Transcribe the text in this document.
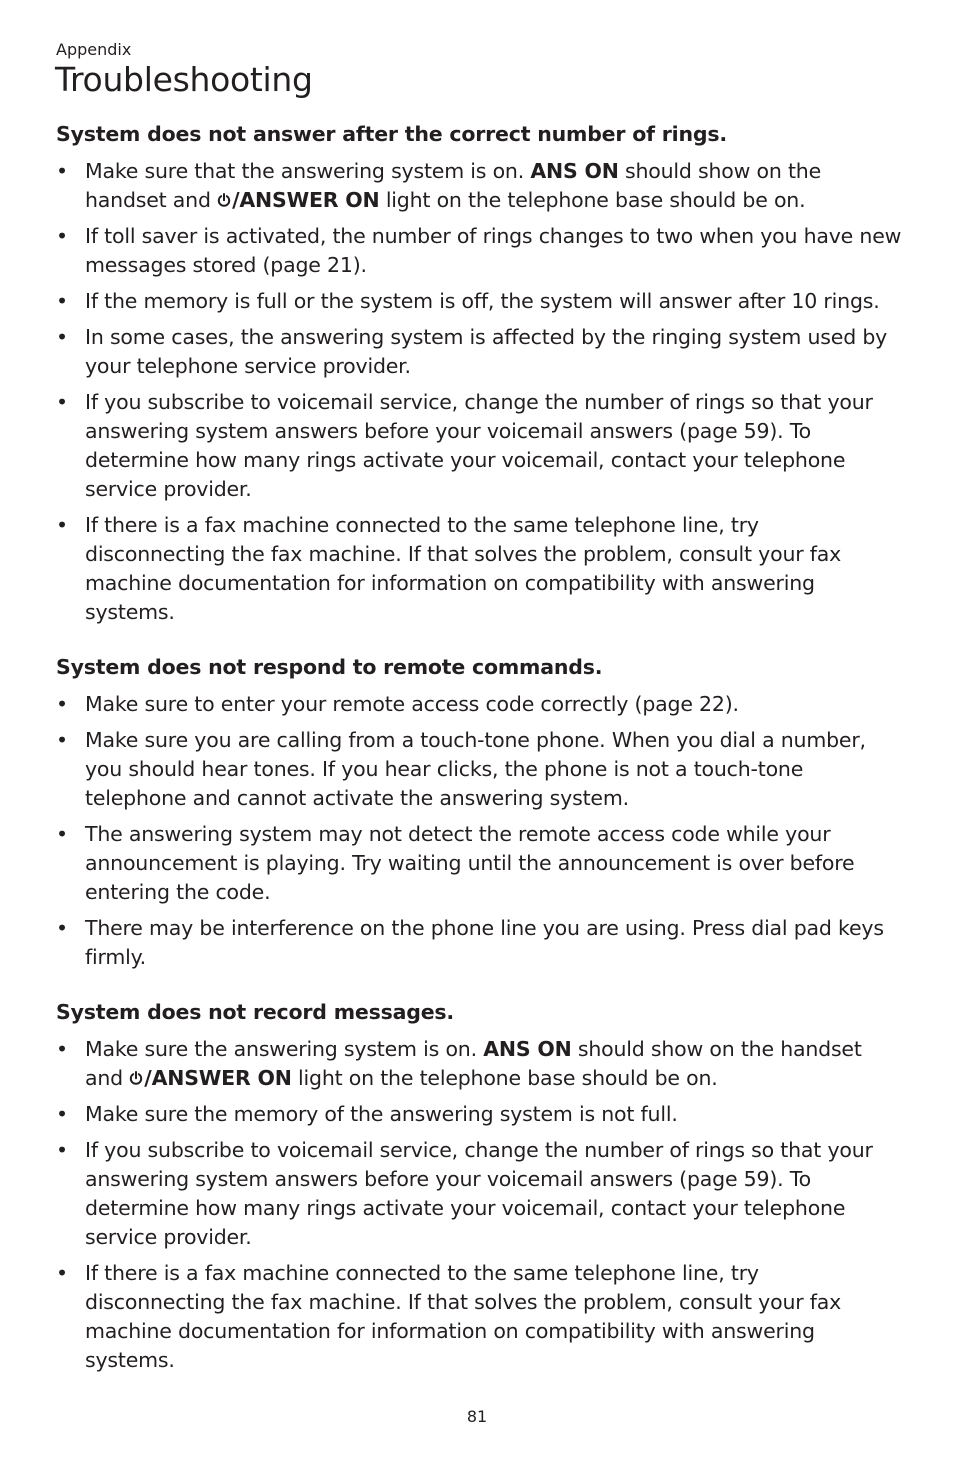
Appendix
Troubleshooting
System does not answer after the correct number of rings.
• Make sure that the answering system is on. ANS ON should show on the handset and
/ANSWER ON light on the telephone base should be on.
• If toll saver is activated, the number of rings changes to two when you have new messages stored (page 21).
• If the memory is full or the system is off, the system will answer after 10 rings.
• In some cases, the answering system is affected by the ringing system used by your telephone service provider.
• If you subscribe to voicemail service, change the number of rings so that your answering system answers before your voicemail answers (page 59). To determine how many rings activate your voicemail, contact your telephone service provider.
• If there is a fax machine connected to the same telephone line, try disconnecting the fax machine. If that solves the problem, consult your fax machine documentation for information on compatibility with answering systems.
System does not respond to remote commands.
• Make sure to enter your remote access code correctly (page 22).
• Make sure you are calling from a touch-tone phone. When you dial a number, you should hear tones. If you hear clicks, the phone is not a touch-tone telephone and cannot activate the answering system.
• The answering system may not detect the remote access code while your announcement is playing. Try waiting until the announcement is over before entering the code.
• There may be interference on the phone line you are using. Press dial pad keys firmly.
System does not record messages.
• Make sure the answering system is on. ANS ON should show on the handset and
/ANSWER ON light on the telephone base should be on.
• Make sure the memory of the answering system is not full.
• If you subscribe to voicemail service, change the number of rings so that your answering system answers before your voicemail answers (page 59). To determine how many rings activate your voicemail, contact your telephone service provider.
• If there is a fax machine connected to the same telephone line, try disconnecting the fax machine. If that solves the problem, consult your fax machine documentation for information on compatibility with answering systems.
81
